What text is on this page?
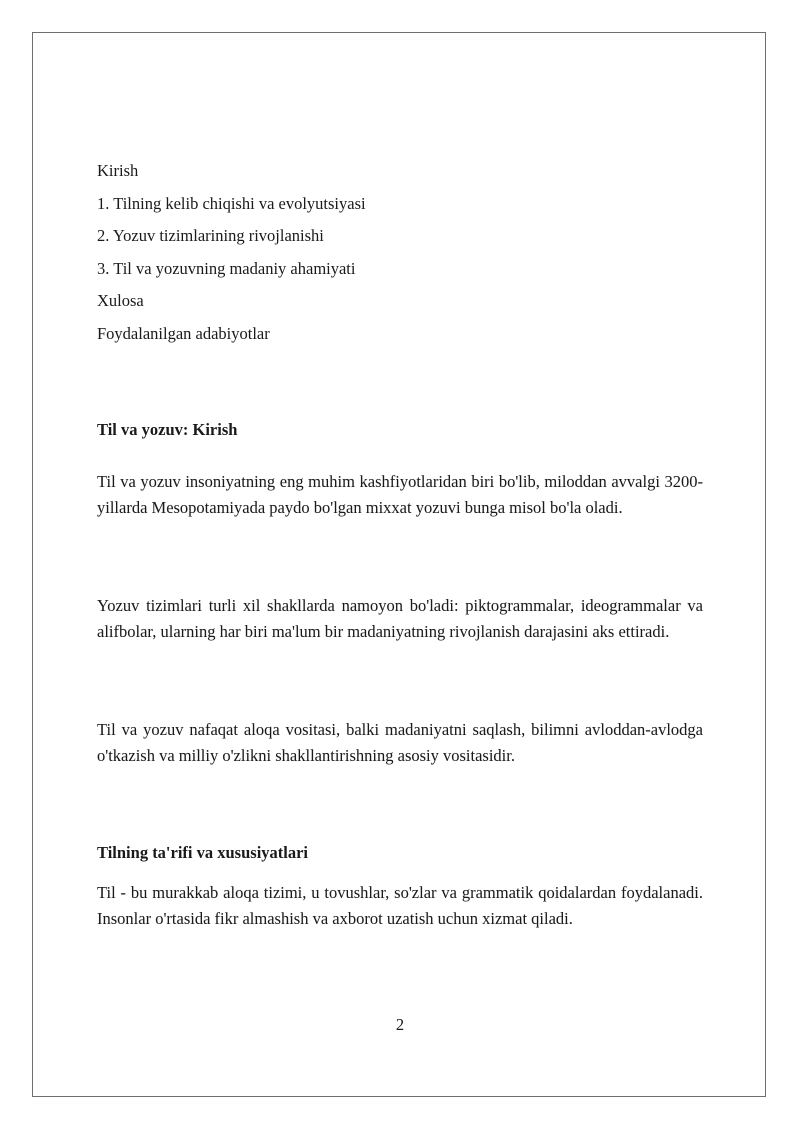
Kirish
1. Tilning kelib chiqishi va evolyutsiyasi
2. Yozuv tizimlarining rivojlanishi
3. Til va yozuvning madaniy ahamiyati
Xulosa
Foydalanilgan adabiyotlar
Til va yozuv: Kirish
Til va yozuv insoniyatning eng muhim kashfiyotlaridan biri bo'lib, miloddan avvalgi 3200-yillarda Mesopotamiyada paydo bo'lgan mixxat yozuvi bunga misol bo'la oladi.
Yozuv tizimlari turli xil shakllarda namoyon bo'ladi: piktogrammalar, ideogrammalar va alifbolar, ularning har biri ma'lum bir madaniyatning rivojlanish darajasini aks ettiradi.
Til va yozuv nafaqat aloqa vositasi, balki madaniyatni saqlash, bilimni avloddan-avlodga o'tkazish va milliy o'zlikni shakllantirishning asosiy vositasidir.
Tilning ta'rifi va xususiyatlari
Til - bu murakkab aloqa tizimi, u tovushlar, so'zlar va grammatik qoidalardan foydalanadi. Insonlar o'rtasida fikr almashish va axborot uzatish uchun xizmat qiladi.
2
